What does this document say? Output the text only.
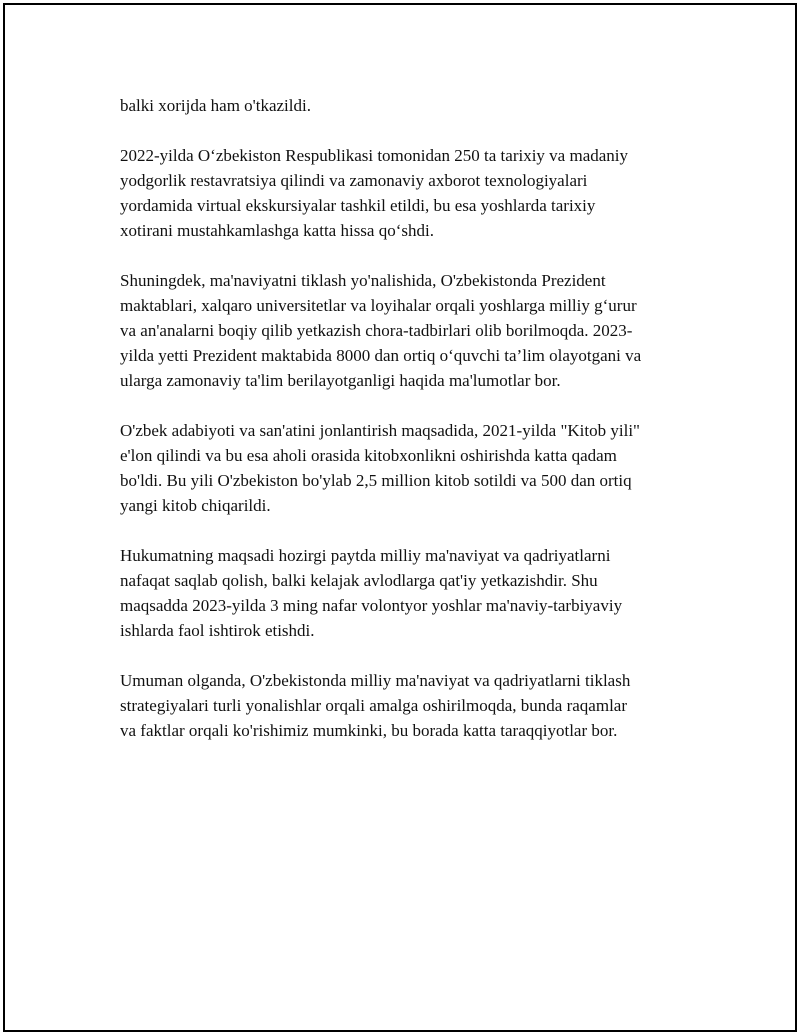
balki xorijda ham o'tkazildi.

2022-yilda O‘zbekiston Respublikasi tomonidan 250 ta tarixiy va madaniy
yodgorlik restavratsiya qilindi va zamonaviy axborot texnologiyalari
yordamida virtual ekskursiyalar tashkil etildi, bu esa yoshlarda tarixiy
xotirani mustahkamlashga katta hissa qo‘shdi.

Shuningdek, ma'naviyatni tiklash yo'nalishida, O'zbekistonda Prezident
maktablari, xalqaro universitetlar va loyihalar orqali yoshlarga milliy g‘urur
va an'analarni boqiy qilib yetkazish chora-tadbirlari olib borilmoqda. 2023-
yilda yetti Prezident maktabida 8000 dan ortiq o‘quvchi ta’lim olayotgani va
ularga zamonaviy ta'lim berilayotganligi haqida ma'lumotlar bor.

O'zbek adabiyoti va san'atini jonlantirish maqsadida, 2021-yilda "Kitob yili"
e'lon qilindi va bu esa aholi orasida kitobxonlikni oshirishda katta qadam
bo'ldi. Bu yili O'zbekiston bo'ylab 2,5 million kitob sotildi va 500 dan ortiq
yangi kitob chiqarildi.

Hukumatning maqsadi hozirgi paytda milliy ma'naviyat va qadriyatlarni
nafaqat saqlab qolish, balki kelajak avlodlarga qat'iy yetkazishdir. Shu
maqsadda 2023-yilda 3 ming nafar volontyor yoshlar ma'naviy-tarbiyaviy
ishlarda faol ishtirok etishdi.

Umuman olganda, O'zbekistonda milliy ma'naviyat va qadriyatlarni tiklash
strategiyalari turli yonalishlar orqali amalga oshirilmoqda, bunda raqamlar
va faktlar orqali ko'rishimiz mumkinki, bu borada katta taraqqiyotlar bor.
